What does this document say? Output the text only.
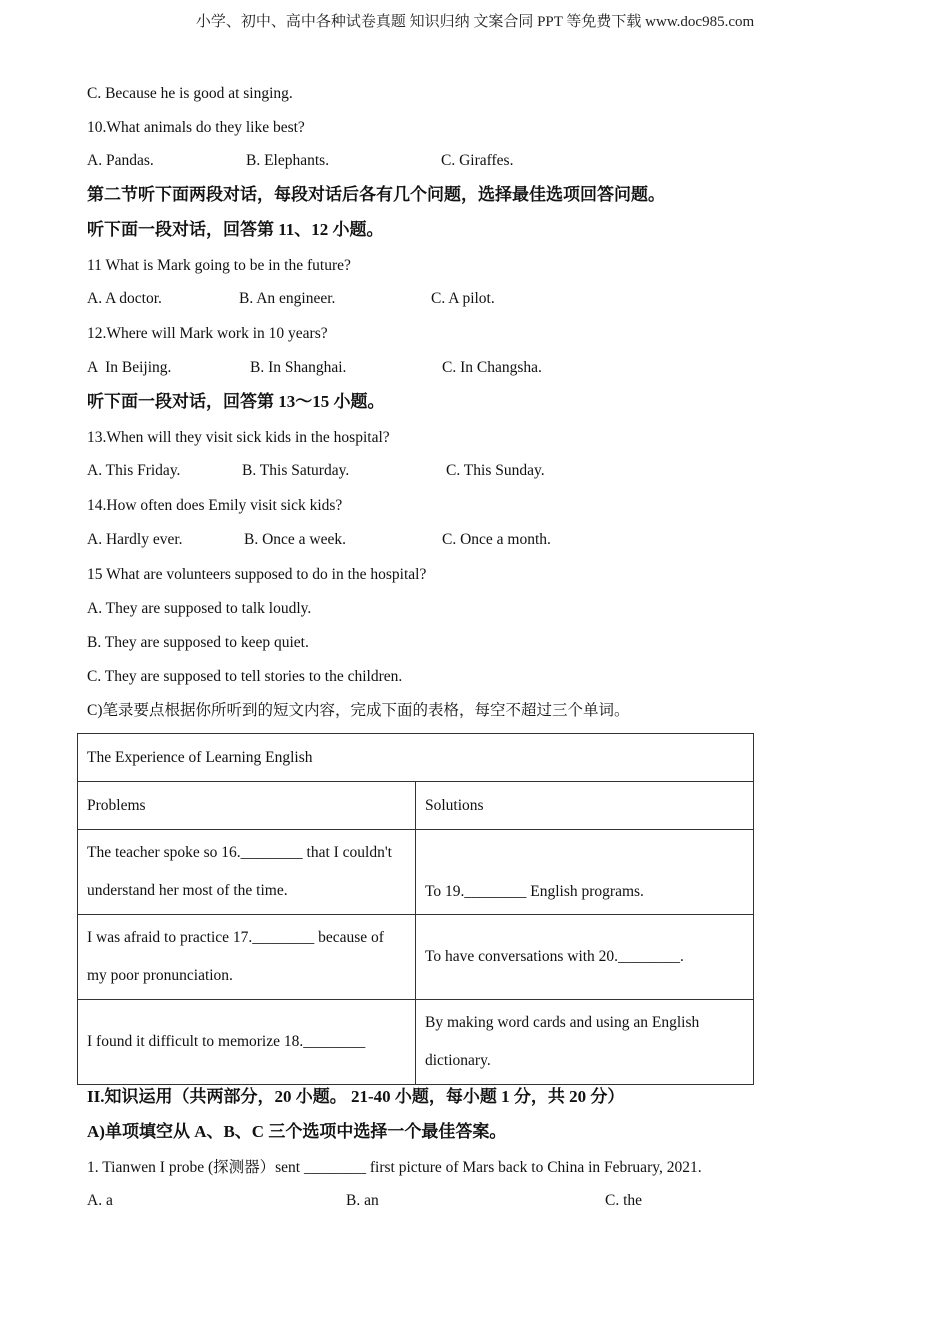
小学、初中、高中各种试卷真题 知识归纳 文案合同 PPT 等免费下载 www.doc985.com
C. Because he is good at singing.
10.What animals do they like best?
A. Pandas.	B. Elephants.	C. Giraffes.
第二节听下面两段对话，每段对话后各有几个问题，选择最佳选项回答问题。
听下面一段对话，回答第 11、12 小题。
11 What is Mark going to be in the future?
A. A doctor.	B. An engineer.	C. A pilot.
12.Where will Mark work in 10 years?
A  In Beijing.	B. In Shanghai.	C. In Changsha.
听下面一段对话，回答第 13〜15 小题。
13.When will they visit sick kids in the hospital?
A. This Friday.	B. This Saturday.	C. This Sunday.
14.How often does Emily visit sick kids?
A. Hardly ever.	B. Once a week.	C. Once a month.
15 What are volunteers supposed to do in the hospital?
A. They are supposed to talk loudly.
B. They are supposed to keep quiet.
C. They are supposed to tell stories to the children.
C)笔录要点根据你所听到的短文内容，完成下面的表格，每空不超过三个单词。
The Experience of Learning English	
Problems	Solutions

The teacher spoke so 16.________ that I couldn't
understand her most of the time.	To 19.________ English programs.

I was afraid to practice 17.________ because of
my poor pronunciation.	To have conversations with 20.________.
I found it difficult to memorize 18.________	By making word cards and using an English
dictionary.
II.知识运用（共两部分，20 小题。 21-40 小题，每小题 1 分，共 20 分）
A)单项填空从 A、B、C 三个选项中选择一个最佳答案。
1. Tianwen I probe (探测器）sent ________ first picture of Mars back to China in February, 2021.
A. a	B. an	C. the
